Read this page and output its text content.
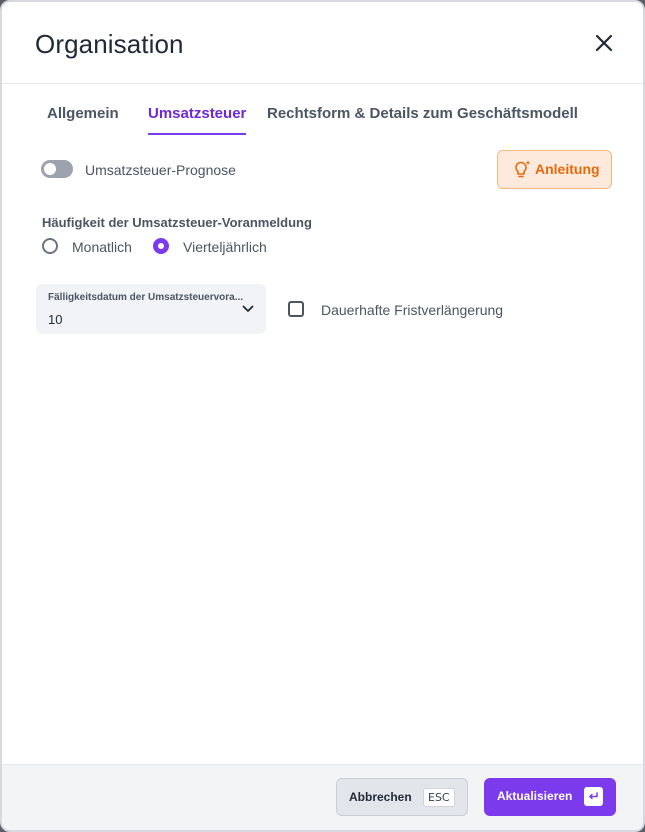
Organisation
Allgemein Umsatzsteuer Rechtsform & Details zum Geschäftsmodell
Umsatzsteuer-Prognose	Anleitung
Häufigkeit der Umsatzsteuer-Voranmeldung
Monatlich	Vierteljährlich
Fälligkeitsdatum der Umsatzsteuervora...
10
Dauerhafte Fristverlängerung
Abbrechen	ESC	Aktualisieren
